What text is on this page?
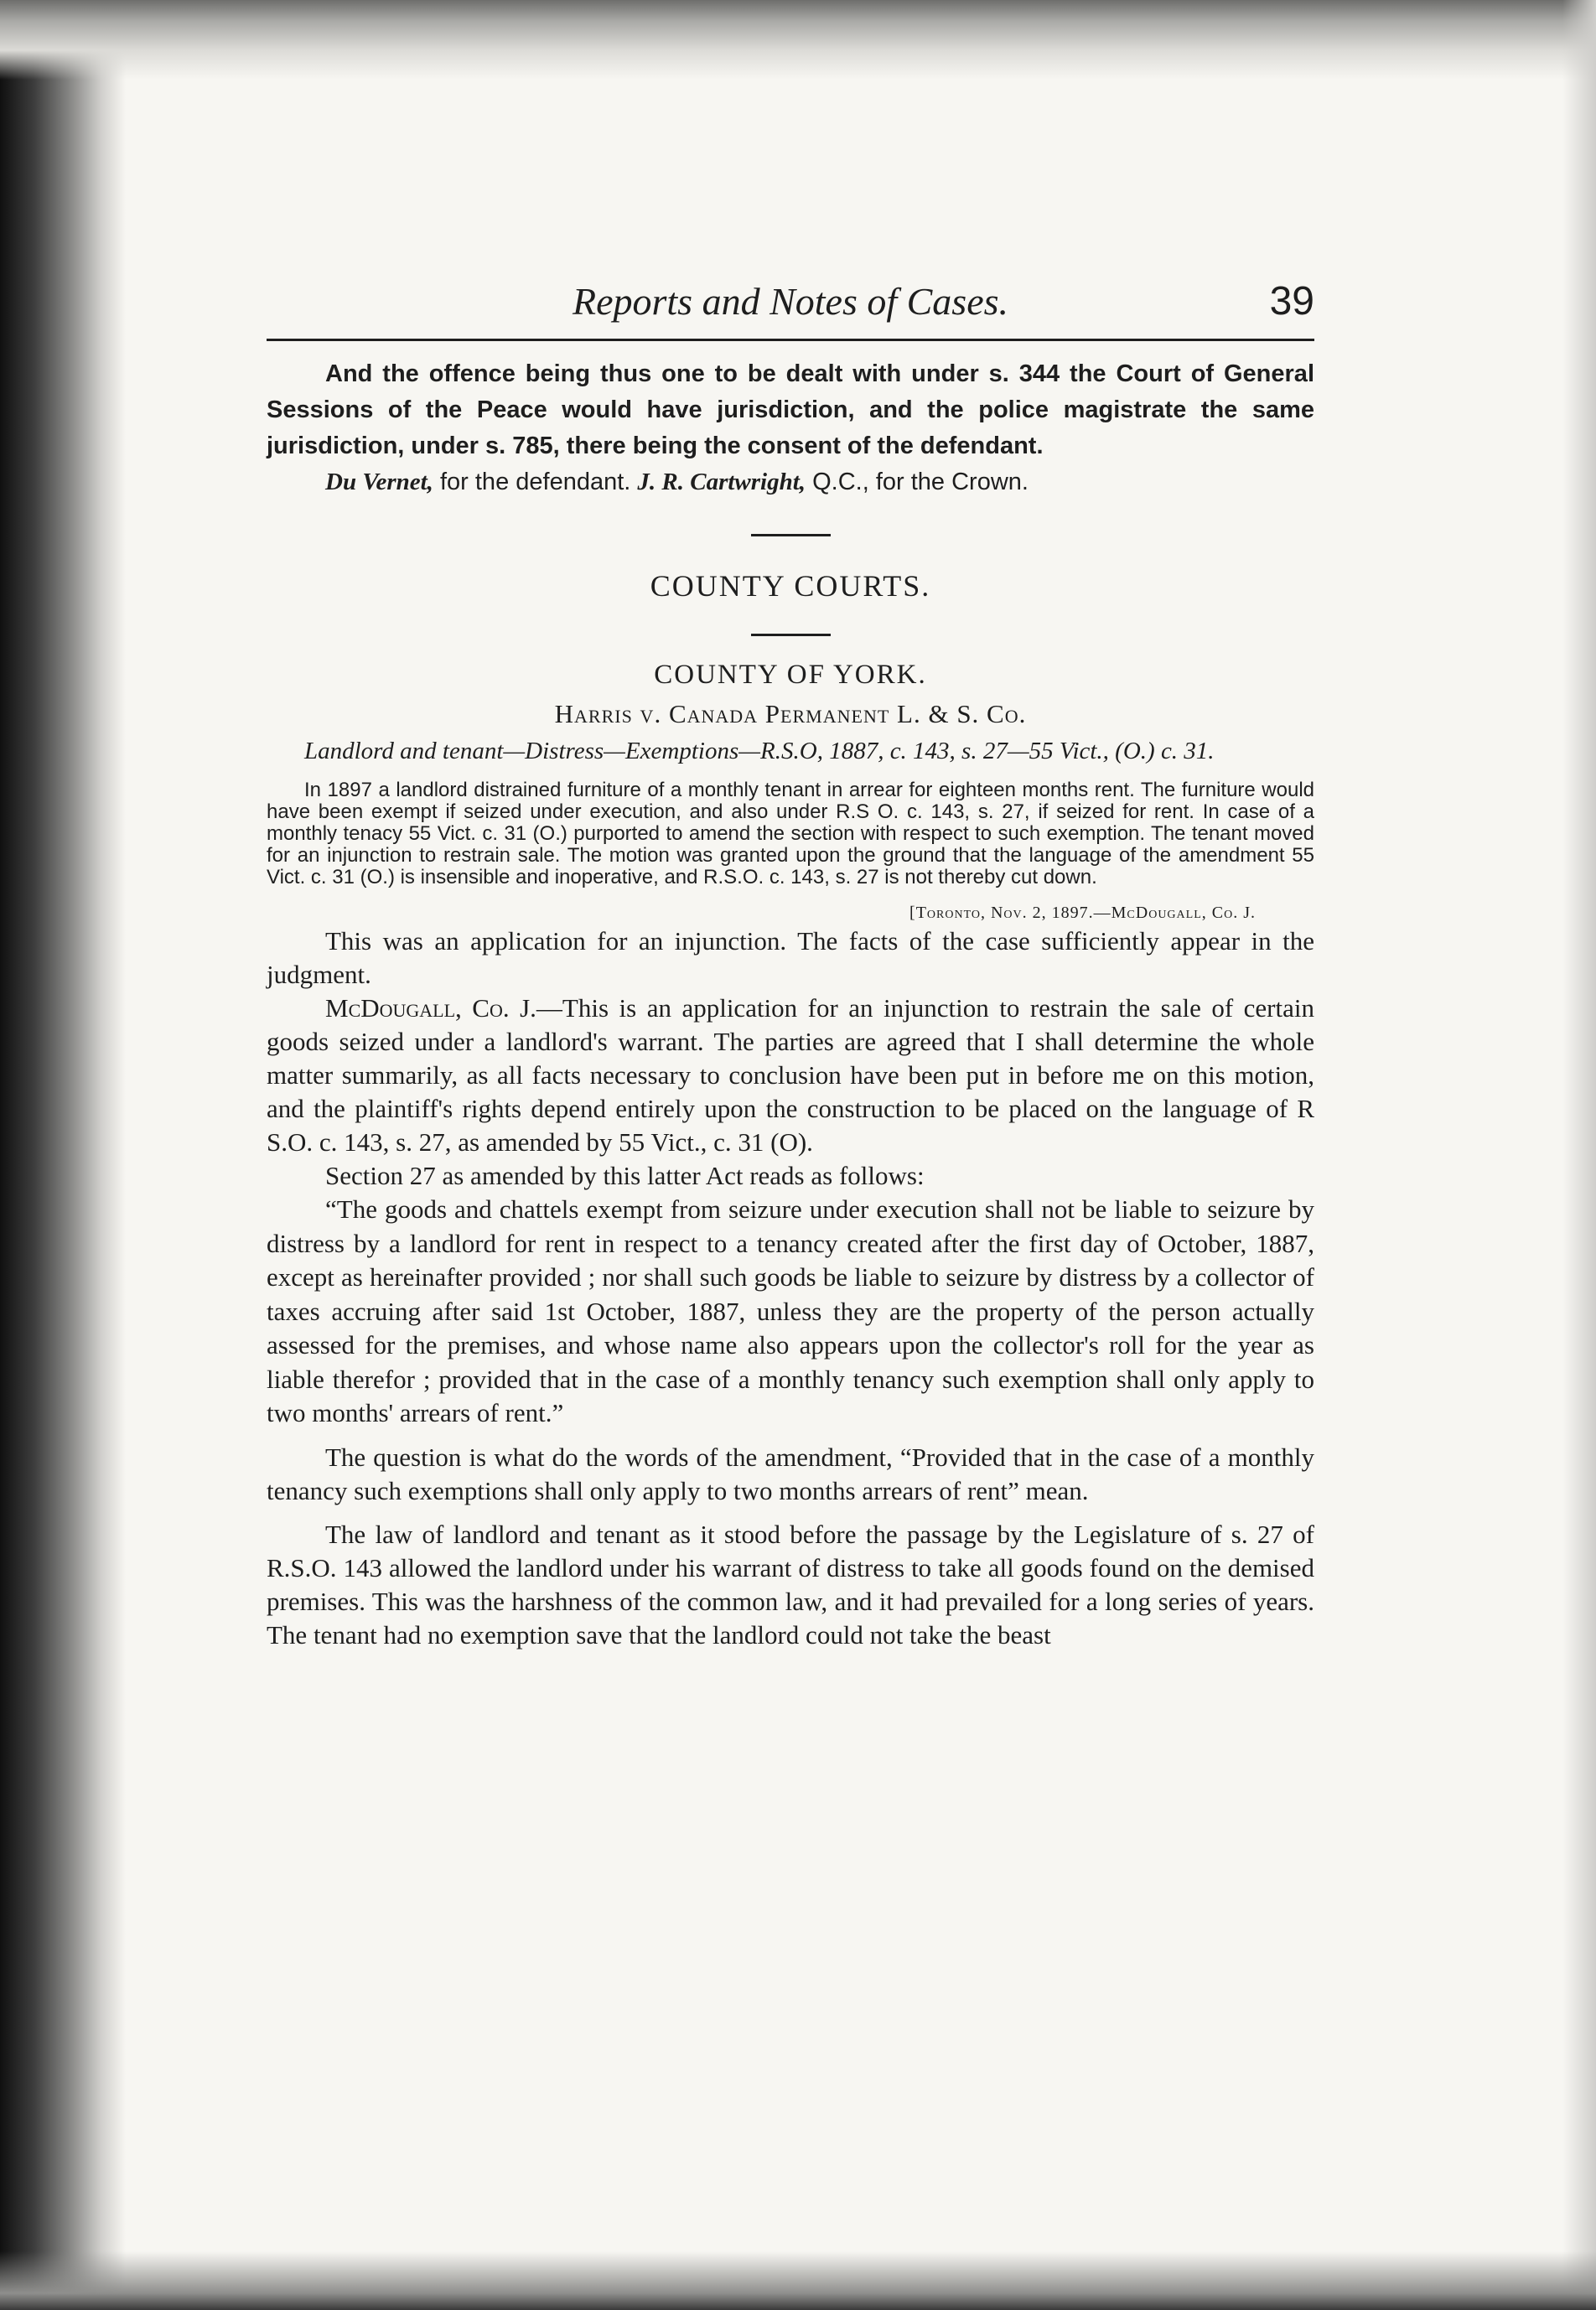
Reports and Notes of Cases.	39

And the offence being thus one to be dealt with under s. 344 the Court of General Sessions of the Peace would have jurisdiction, and the police magistrate the same jurisdiction, under s. 785, there being the consent of the defendant.

Du Vernet, for the defendant. J. R. Cartwright, Q.C., for the Crown.

COUNTY COURTS.
COUNTY OF YORK.
Harris v. Canada Permanent L. & S. Co.

Landlord and tenant—Distress—Exemptions—R.S.O, 1887, c. 143, s. 27—55 Vict., (O.) c. 31.

In 1897 a landlord distrained furniture of a monthly tenant in arrear for eighteen months rent. The furniture would have been exempt if seized under execution, and also under R.S O. c. 143, s. 27, if seized for rent. In case of a monthly tenacy 55 Vict. c. 31 (O.) purported to amend the section with respect to such exemption. The tenant moved for an injunction to restrain sale. The motion was granted upon the ground that the language of the amendment 55 Vict. c. 31 (O.) is insensible and inoperative, and R.S.O. c. 143, s. 27 is not thereby cut down.

[Toronto, Nov. 2, 1897.—McDougall, Co. J.

This was an application for an injunction. The facts of the case sufficiently appear in the judgment.

McDougall, Co. J.—This is an application for an injunction to restrain the sale of certain goods seized under a landlord's warrant. The parties are agreed that I shall determine the whole matter summarily, as all facts necessary to conclusion have been put in before me on this motion, and the plaintiff's rights depend entirely upon the construction to be placed on the language of R S.O. c. 143, s. 27, as amended by 55 Vict., c. 31 (O).

Section 27 as amended by this latter Act reads as follows:

“The goods and chattels exempt from seizure under execution shall not be liable to seizure by distress by a landlord for rent in respect to a tenancy created after the first day of October, 1887, except as hereinafter provided ; nor shall such goods be liable to seizure by distress by a collector of taxes accruing after said 1st October, 1887, unless they are the property of the person actually assessed for the premises, and whose name also appears upon the collector's roll for the year as liable therefor ; provided that in the case of a monthly tenancy such exemption shall only apply to two months' arrears of rent.”

The question is what do the words of the amendment, “Provided that in the case of a monthly tenancy such exemptions shall only apply to two months arrears of rent” mean.

The law of landlord and tenant as it stood before the passage by the Legislature of s. 27 of R.S.O. 143 allowed the landlord under his warrant of distress to take all goods found on the demised premises. This was the harshness of the common law, and it had prevailed for a long series of years. The tenant had no exemption save that the landlord could not take the beast
